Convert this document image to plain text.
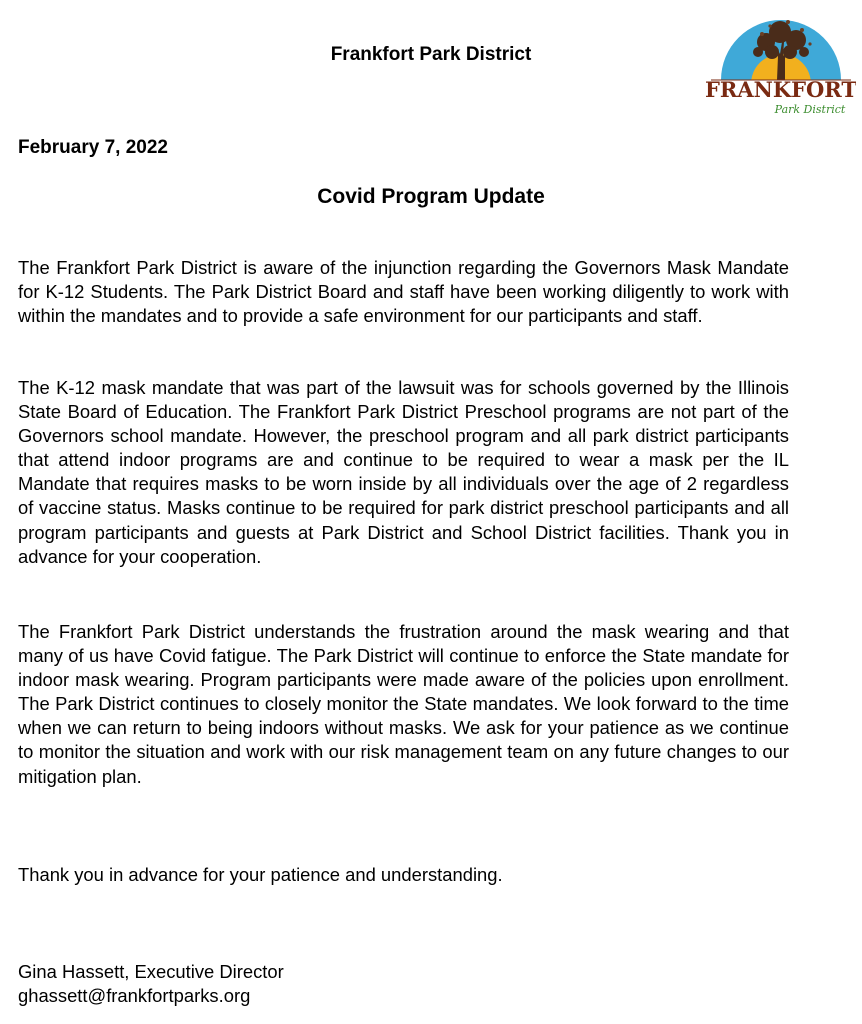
Frankfort Park District
FRANKFORT
Park District
February 7, 2022
Covid Program Update

The Frankfort Park District is aware of the injunction regarding the Governors Mask Mandate for K-12 Students. The Park District Board and staff have been working diligently to work with within the mandates and to provide a safe environment for our participants and staff.

The K-12 mask mandate that was part of the lawsuit was for schools governed by the Illinois State Board of Education. The Frankfort Park District Preschool programs are not part of the Governors school mandate. However, the preschool program and all park district participants that attend indoor programs are and continue to be required to wear a mask per the IL Mandate that requires masks to be worn inside by all individuals over the age of 2 regardless of vaccine status. Masks continue to be required for park district preschool participants and all program participants and guests at Park District and School District facilities. Thank you in advance for your cooperation.

The Frankfort Park District understands the frustration around the mask wearing and that many of us have Covid fatigue. The Park District will continue to enforce the State mandate for indoor mask wearing. Program participants were made aware of the policies upon enrollment. The Park District continues to closely monitor the State mandates. We look forward to the time when we can return to being indoors without masks. We ask for your patience as we continue to monitor the situation and work with our risk management team on any future changes to our mitigation plan.

Thank you in advance for your patience and understanding.

Gina Hassett, Executive Director
ghassett@frankfortparks.org
